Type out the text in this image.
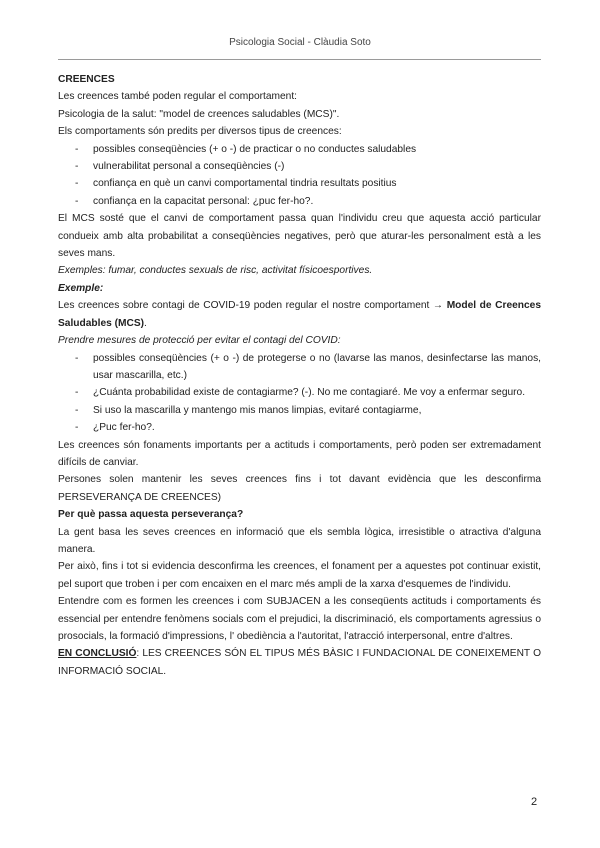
Psicologia Social - Clàudia Soto

CREENCES

Les creences també poden regular el comportament:

Psicologia de la salut: "model de creences saludables (MCS)".

Els comportaments són predits per diversos tipus de creences:

- possibles conseqüències (+ o -) de practicar o no conductes saludables
- vulnerabilitat personal a conseqüències (-)
- confiança en què un canvi comportamental tindria resultats positius
- confiança en la capacitat personal: ¿puc fer-ho?.

El MCS sosté que el canvi de comportament passa quan l'individu creu que aquesta acció particular condueix amb alta probabilitat a conseqüències negatives, però que aturar-les personalment està a les seves mans.

Exemples: fumar, conductes sexuals de risc, activitat físicoesportives.

Exemple:

Les creences sobre contagi de COVID-19 poden regular el nostre comportament → Model de Creences Saludables (MCS).

Prendre mesures de protecció per evitar el contagi del COVID:

- possibles conseqüències (+ o -) de protegerse o no (lavarse las manos, desinfectarse las manos, usar mascarilla, etc.)
- ¿Cuánta probabilidad existe de contagiarme? (-). No me contagiaré. Me voy a enfermar seguro.
- Si uso la mascarilla y mantengo mis manos limpias, evitaré contagiarme,
- ¿Puc fer-ho?.

Les creences són fonaments importants per a actituds i comportaments, però poden ser extremadament difícils de canviar.

Persones solen mantenir les seves creences fins i tot davant evidència que les desconfirma PERSEVERANÇA DE CREENCES)

Per què passa aquesta perseverança?

La gent basa les seves creences en informació que els sembla lògica, irresistible o atractiva d'alguna manera.

Per això, fins i tot si evidencia desconfirma les creences, el fonament per a aquestes pot continuar existit, pel suport que troben i per com encaixen en el marc més ampli de la xarxa d'esquemes de l'individu.

Entendre com es formen les creences i com SUBJACEN a les conseqüents actituds i comportaments és essencial per entendre fenòmens socials com el prejudici, la discriminació, els comportaments agressius o prosocials, la formació d'impressions, l' obediència a l'autoritat, l'atracció interpersonal, entre d'altres.

EN CONCLUSIÓ: LES CREENCES SÓN EL TIPUS MÉS BÀSIC I FUNDACIONAL DE CONEIXEMENT O INFORMACIÓ SOCIAL.

2
